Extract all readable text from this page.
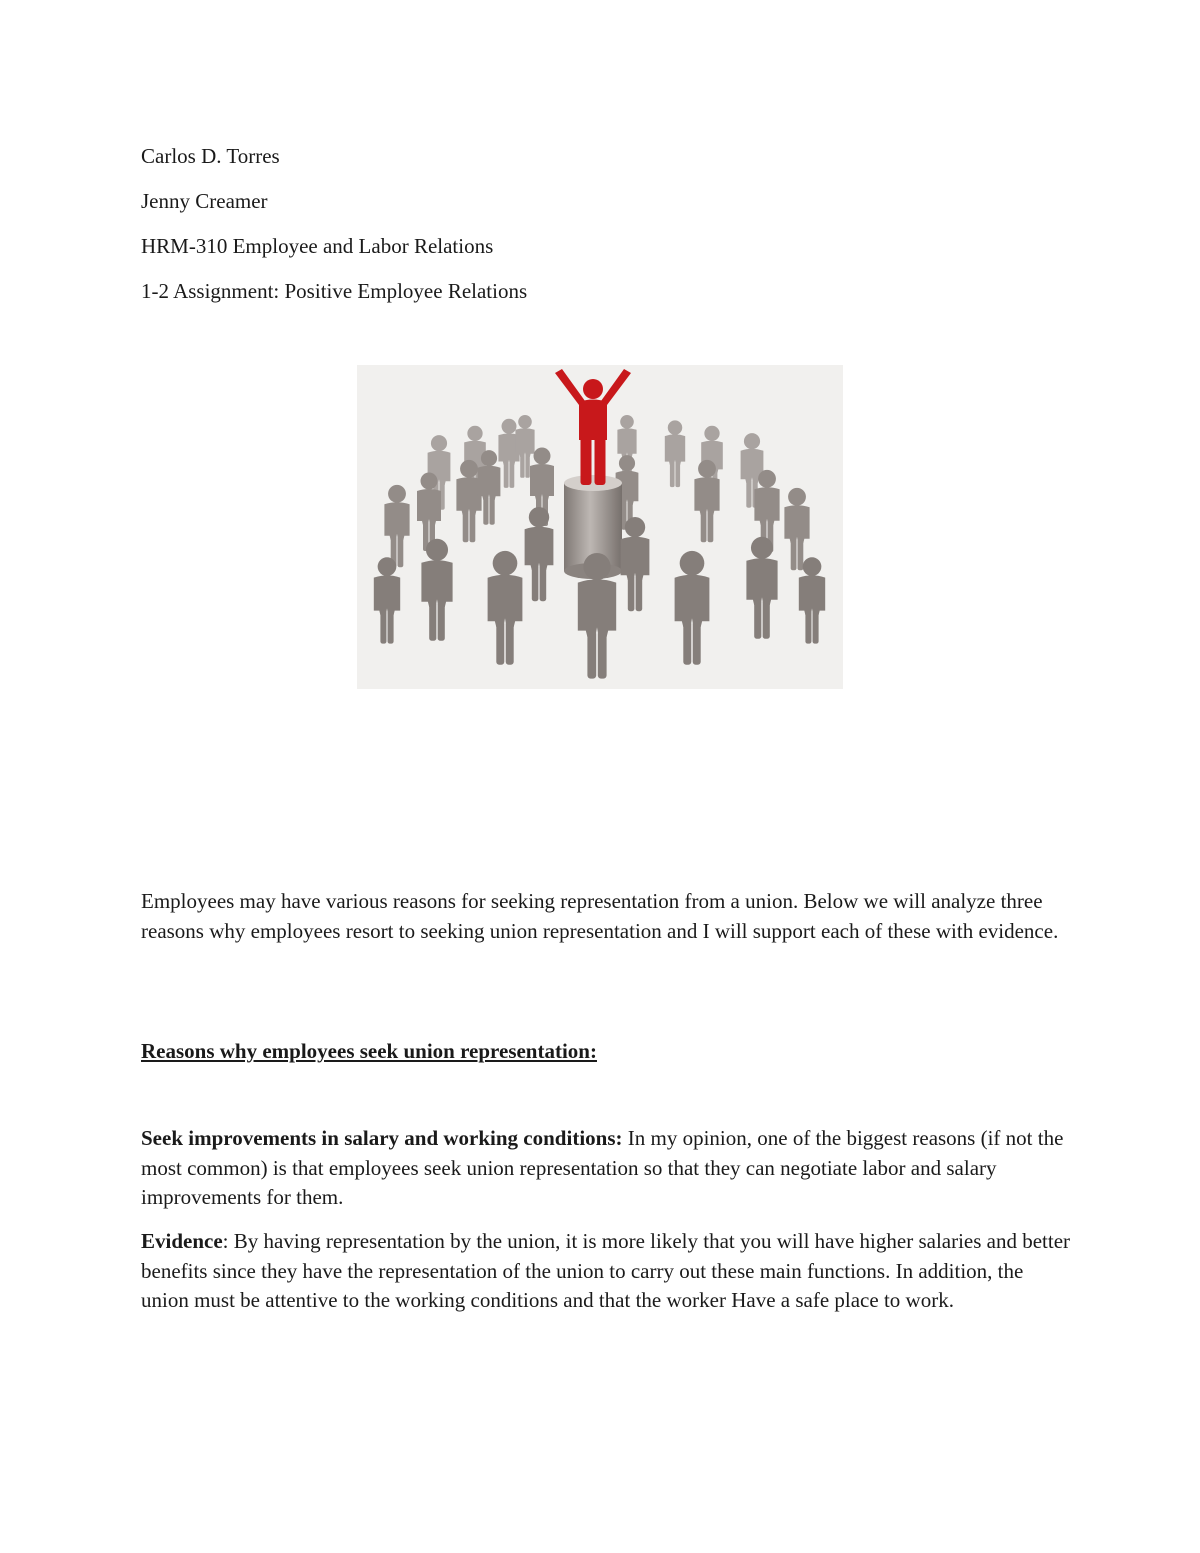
Carlos D. Torres
Jenny Creamer
HRM-310 Employee and Labor Relations
1-2 Assignment: Positive Employee Relations
Employees may have various reasons for seeking representation from a union. Below we will analyze three reasons why employees resort to seeking union representation and I will support each of these with evidence.
Reasons why employees seek union representation:
Seek improvements in salary and working conditions: In my opinion, one of the biggest reasons (if not the most common) is that employees seek union representation so that they can negotiate labor and salary improvements for them.
Evidence: By having representation by the union, it is more likely that you will have higher salaries and better benefits since they have the representation of the union to carry out these main functions. In addition, the union must be attentive to the working conditions and that the worker Have a safe place to work.
